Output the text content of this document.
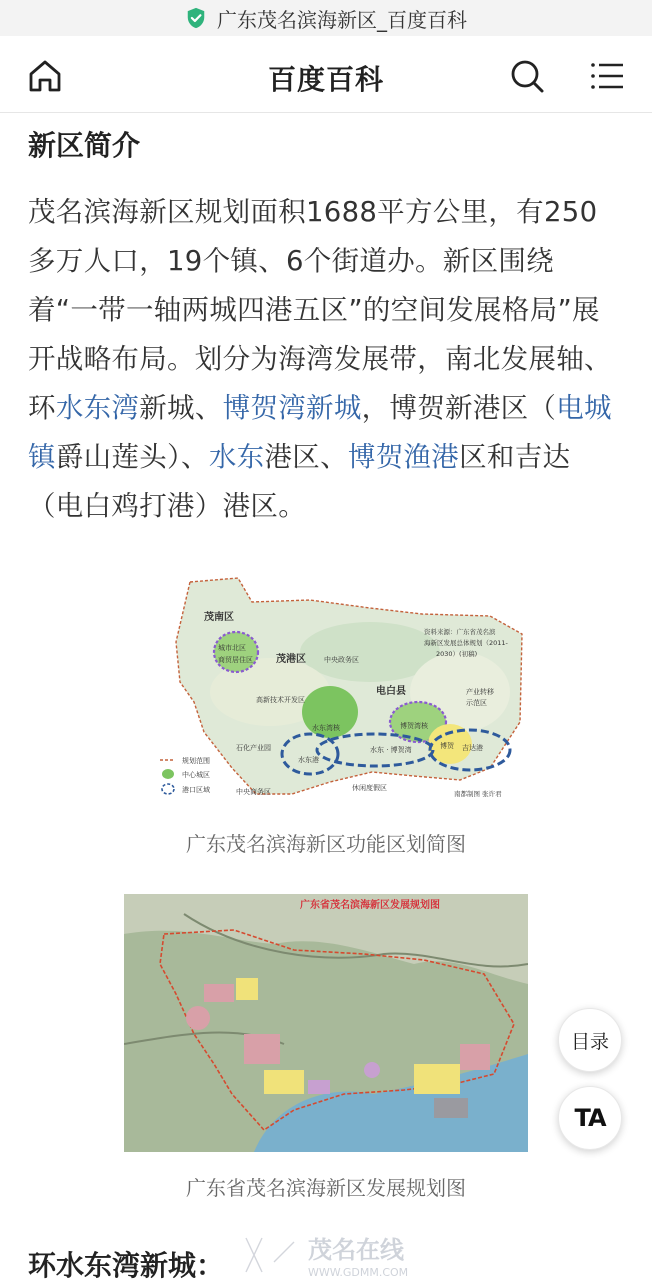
广东茂名滨海新区_百度百科
百度百科
新区简介

茂名滨海新区规划面积1688平方公里，有250多万人口，19个镇、6个街道办。新区围绕着“一带一轴两城四港五区”的空间发展格局”展开战略布局。划分为海湾发展带，南北发展轴、环水东湾新城、博贺湾新城，博贺新港区（电城镇爵山莲头）、水东港区、博贺渔港区和吉达（电白鸡打港）港区。

茂南区
城市北区
商贸居住区 茂港区	中央政务区
资料来源：广东省茂名滨
海新区发展总体规划（2011-
2030）(初稿)
电白县
高新技术开发区
产业转移
示范区
水东湾核	博贺湾核
水东 · 博贺湾	博贺 吉达港
水东港
石化产业园
中央商务区	休闲度假区
南都制图 张许君
规划范围
中心城区
港口区域
广东茂名滨海新区功能区划简图
广东省茂名滨海新区发展规划图
广东省茂名滨海新区发展规划图
环水东湾新城：	茂名在线
WWW.GDMM.COM
目录
TA
